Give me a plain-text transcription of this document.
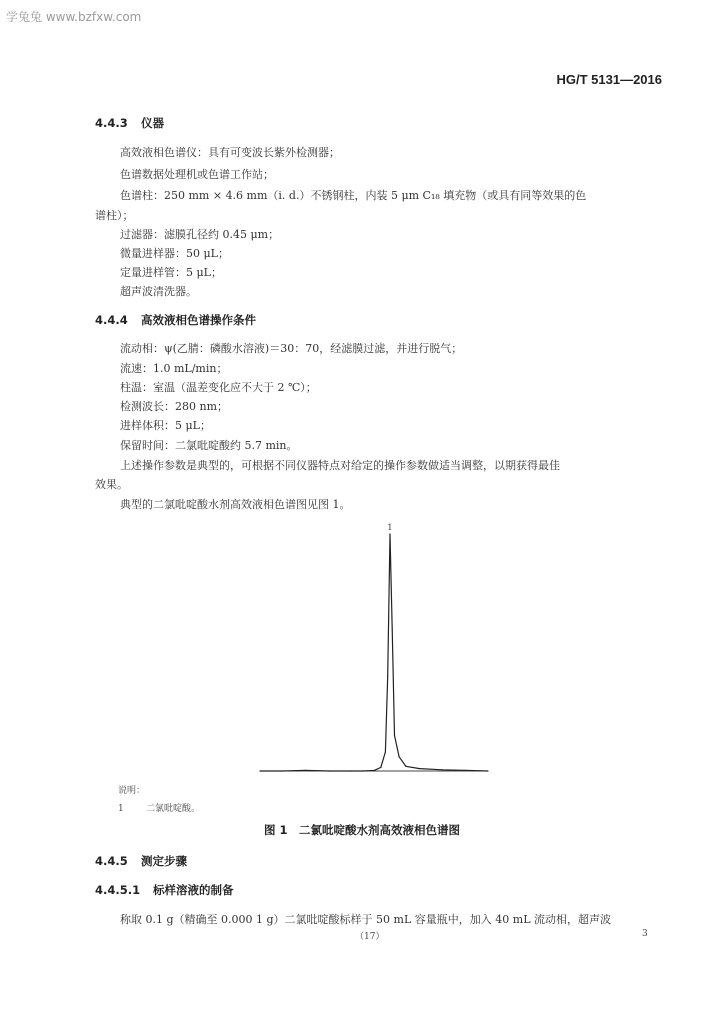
学兔兔 www.bzfxw.com
HG/T 5131—2016
4.4.3 仪器
高效液相色谱仪：具有可变波长紫外检测器；
色谱数据处理机或色谱工作站；
色谱柱：250 mm × 4.6 mm（i. d.）不锈钢柱，内装 5 μm C₁₈ 填充物（或具有同等效果的色
谱柱）；
过滤器：滤膜孔径约 0.45 μm；
微量进样器：50 μL；
定量进样管：5 μL；
超声波清洗器。
4.4.4 高效液相色谱操作条件
流动相：ψ(乙腈：磷酸水溶液)＝30：70，经滤膜过滤，并进行脱气；
流速：1.0 mL/min；
柱温：室温（温差变化应不大于 2 ℃）；
检测波长：280 nm；
进样体积：5 μL；
保留时间：二氯吡啶酸约 5.7 min。
上述操作参数是典型的，可根据不同仪器特点对给定的操作参数做适当调整，以期获得最佳
效果。
典型的二氯吡啶酸水剂高效液相色谱图见图 1。
1
说明：
1 二氯吡啶酸。
图 1　二氯吡啶酸水剂高效液相色谱图
4.4.5 测定步骤
4.4.5.1 标样溶液的制备
称取 0.1 g（精确至 0.000 1 g）二氯吡啶酸标样于 50 mL 容量瓶中，加入 40 mL 流动相，超声波
（17）	3
